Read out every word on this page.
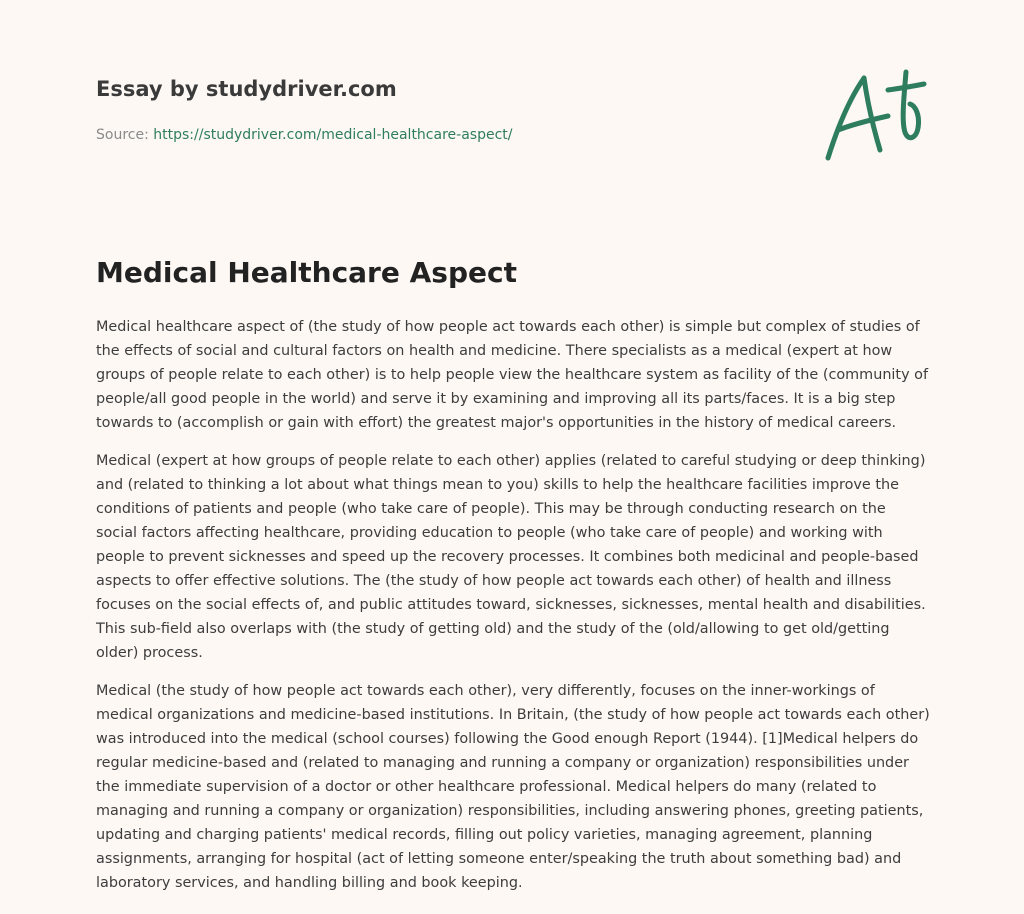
Essay by studydriver.com
Source: https://studydriver.com/medical-healthcare-aspect/
Medical Healthcare Aspect

Medical healthcare aspect of (the study of how people act towards each other) is simple but complex of studies of the effects of social and cultural factors on health and medicine. There specialists as a medical (expert at how groups of people relate to each other) is to help people view the healthcare system as facility of the (community of people/all good people in the world) and serve it by examining and improving all its parts/faces. It is a big step towards to (accomplish or gain with effort) the greatest major's opportunities in the history of medical careers.

Medical (expert at how groups of people relate to each other) applies (related to careful studying or deep thinking) and (related to thinking a lot about what things mean to you) skills to help the healthcare facilities improve the conditions of patients and people (who take care of people). This may be through conducting research on the social factors affecting healthcare, providing education to people (who take care of people) and working with people to prevent sicknesses and speed up the recovery processes. It combines both medicinal and people-based aspects to offer effective solutions. The (the study of how people act towards each other) of health and illness focuses on the social effects of, and public attitudes toward, sicknesses, sicknesses, mental health and disabilities. This sub-field also overlaps with (the study of getting old) and the study of the (old/allowing to get old/getting older) process.

Medical (the study of how people act towards each other), very differently, focuses on the inner-workings of medical organizations and medicine-based institutions. In Britain, (the study of how people act towards each other) was introduced into the medical (school courses) following the Good enough Report (1944). [1]Medical helpers do regular medicine-based and (related to managing and running a company or organization) responsibilities under the immediate supervision of a doctor or other healthcare professional. Medical helpers do many (related to managing and running a company or organization) responsibilities, including answering phones, greeting patients, updating and charging patients' medical records, filling out policy varieties, managing agreement, planning assignments, arranging for hospital (act of letting someone enter/speaking the truth about something bad) and laboratory services, and handling billing and book keeping.
